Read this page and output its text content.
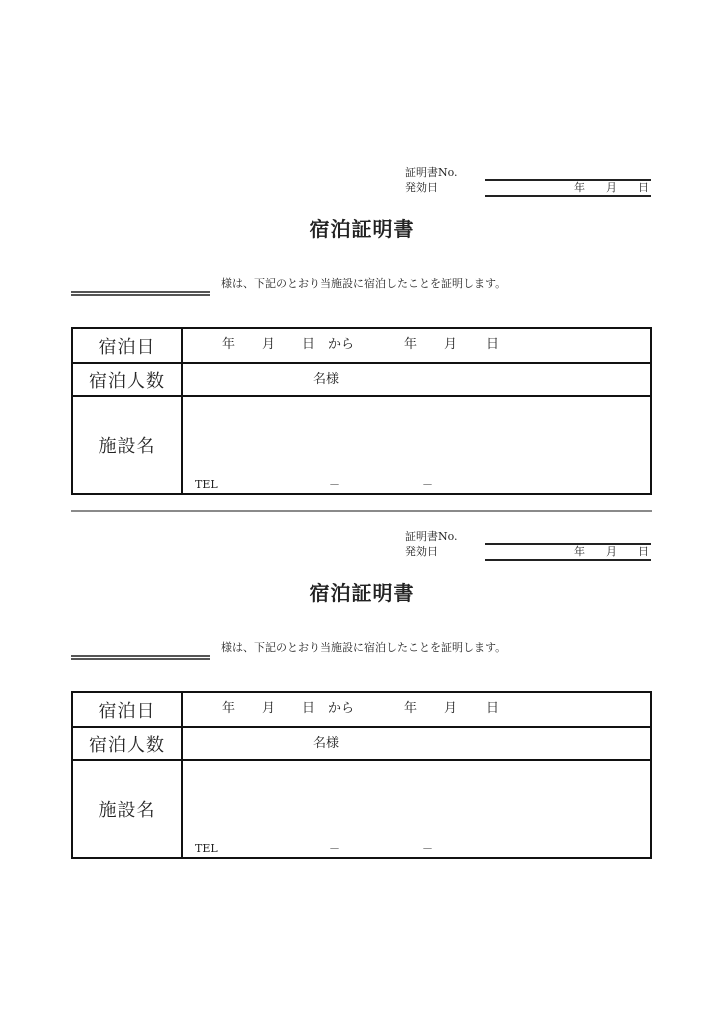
証明書No.
発効日	年 月 日
宿泊証明書

様は、下記のとおり当施設に宿泊したことを証明します。

宿泊日	年 月 日 から	年 月 日
宿泊人数	名様
施設名
TEL	－	－
証明書No.
発効日	年 月 日
宿泊証明書

様は、下記のとおり当施設に宿泊したことを証明します。

宿泊日	年 月 日 から	年 月 日
宿泊人数	名様
施設名
TEL	－	－
